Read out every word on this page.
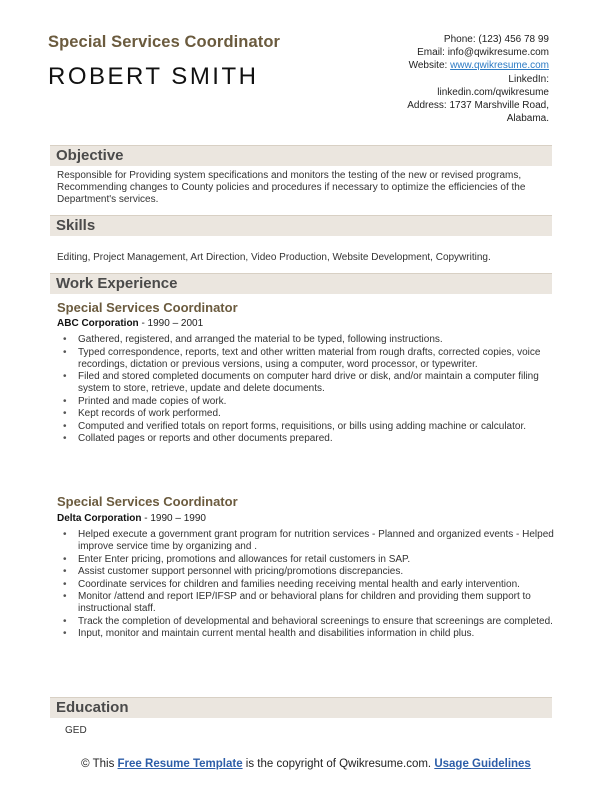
Special Services Coordinator
ROBERT SMITH
Phone: (123) 456 78 99
Email: info@qwikresume.com
Website: www.qwikresume.com
LinkedIn:
linkedin.com/qwikresume
Address: 1737 Marshville Road,
Alabama.
Objective
Responsible for Providing system specifications and monitors the testing of the new or revised programs, Recommending changes to County policies and procedures if necessary to optimize the efficiencies of the Department's services.
Skills
Editing, Project Management, Art Direction, Video Production, Website Development, Copywriting.
Work Experience
Special Services Coordinator
ABC Corporation - 1990 – 2001
• Gathered, registered, and arranged the material to be typed, following instructions.
• Typed correspondence, reports, text and other written material from rough drafts, corrected copies, voice recordings, dictation or previous versions, using a computer, word processor, or typewriter.
• Filed and stored completed documents on computer hard drive or disk, and/or maintain a computer filing system to store, retrieve, update and delete documents.
• Printed and made copies of work.
• Kept records of work performed.
• Computed and verified totals on report forms, requisitions, or bills using adding machine or calculator.
• Collated pages or reports and other documents prepared.
Special Services Coordinator
Delta Corporation - 1990 – 1990
• Helped execute a government grant program for nutrition services - Planned and organized events - Helped improve service time by organizing and .
• Enter Enter pricing, promotions and allowances for retail customers in SAP.
• Assist customer support personnel with pricing/promotions discrepancies.
• Coordinate services for children and families needing receiving mental health and early intervention.
• Monitor /attend and report IEP/IFSP and or behavioral plans for children and providing them support to instructional staff.
• Track the completion of developmental and behavioral screenings to ensure that screenings are completed.
• Input, monitor and maintain current mental health and disabilities information in child plus.
Education
GED
© This Free Resume Template is the copyright of Qwikresume.com. Usage Guidelines
